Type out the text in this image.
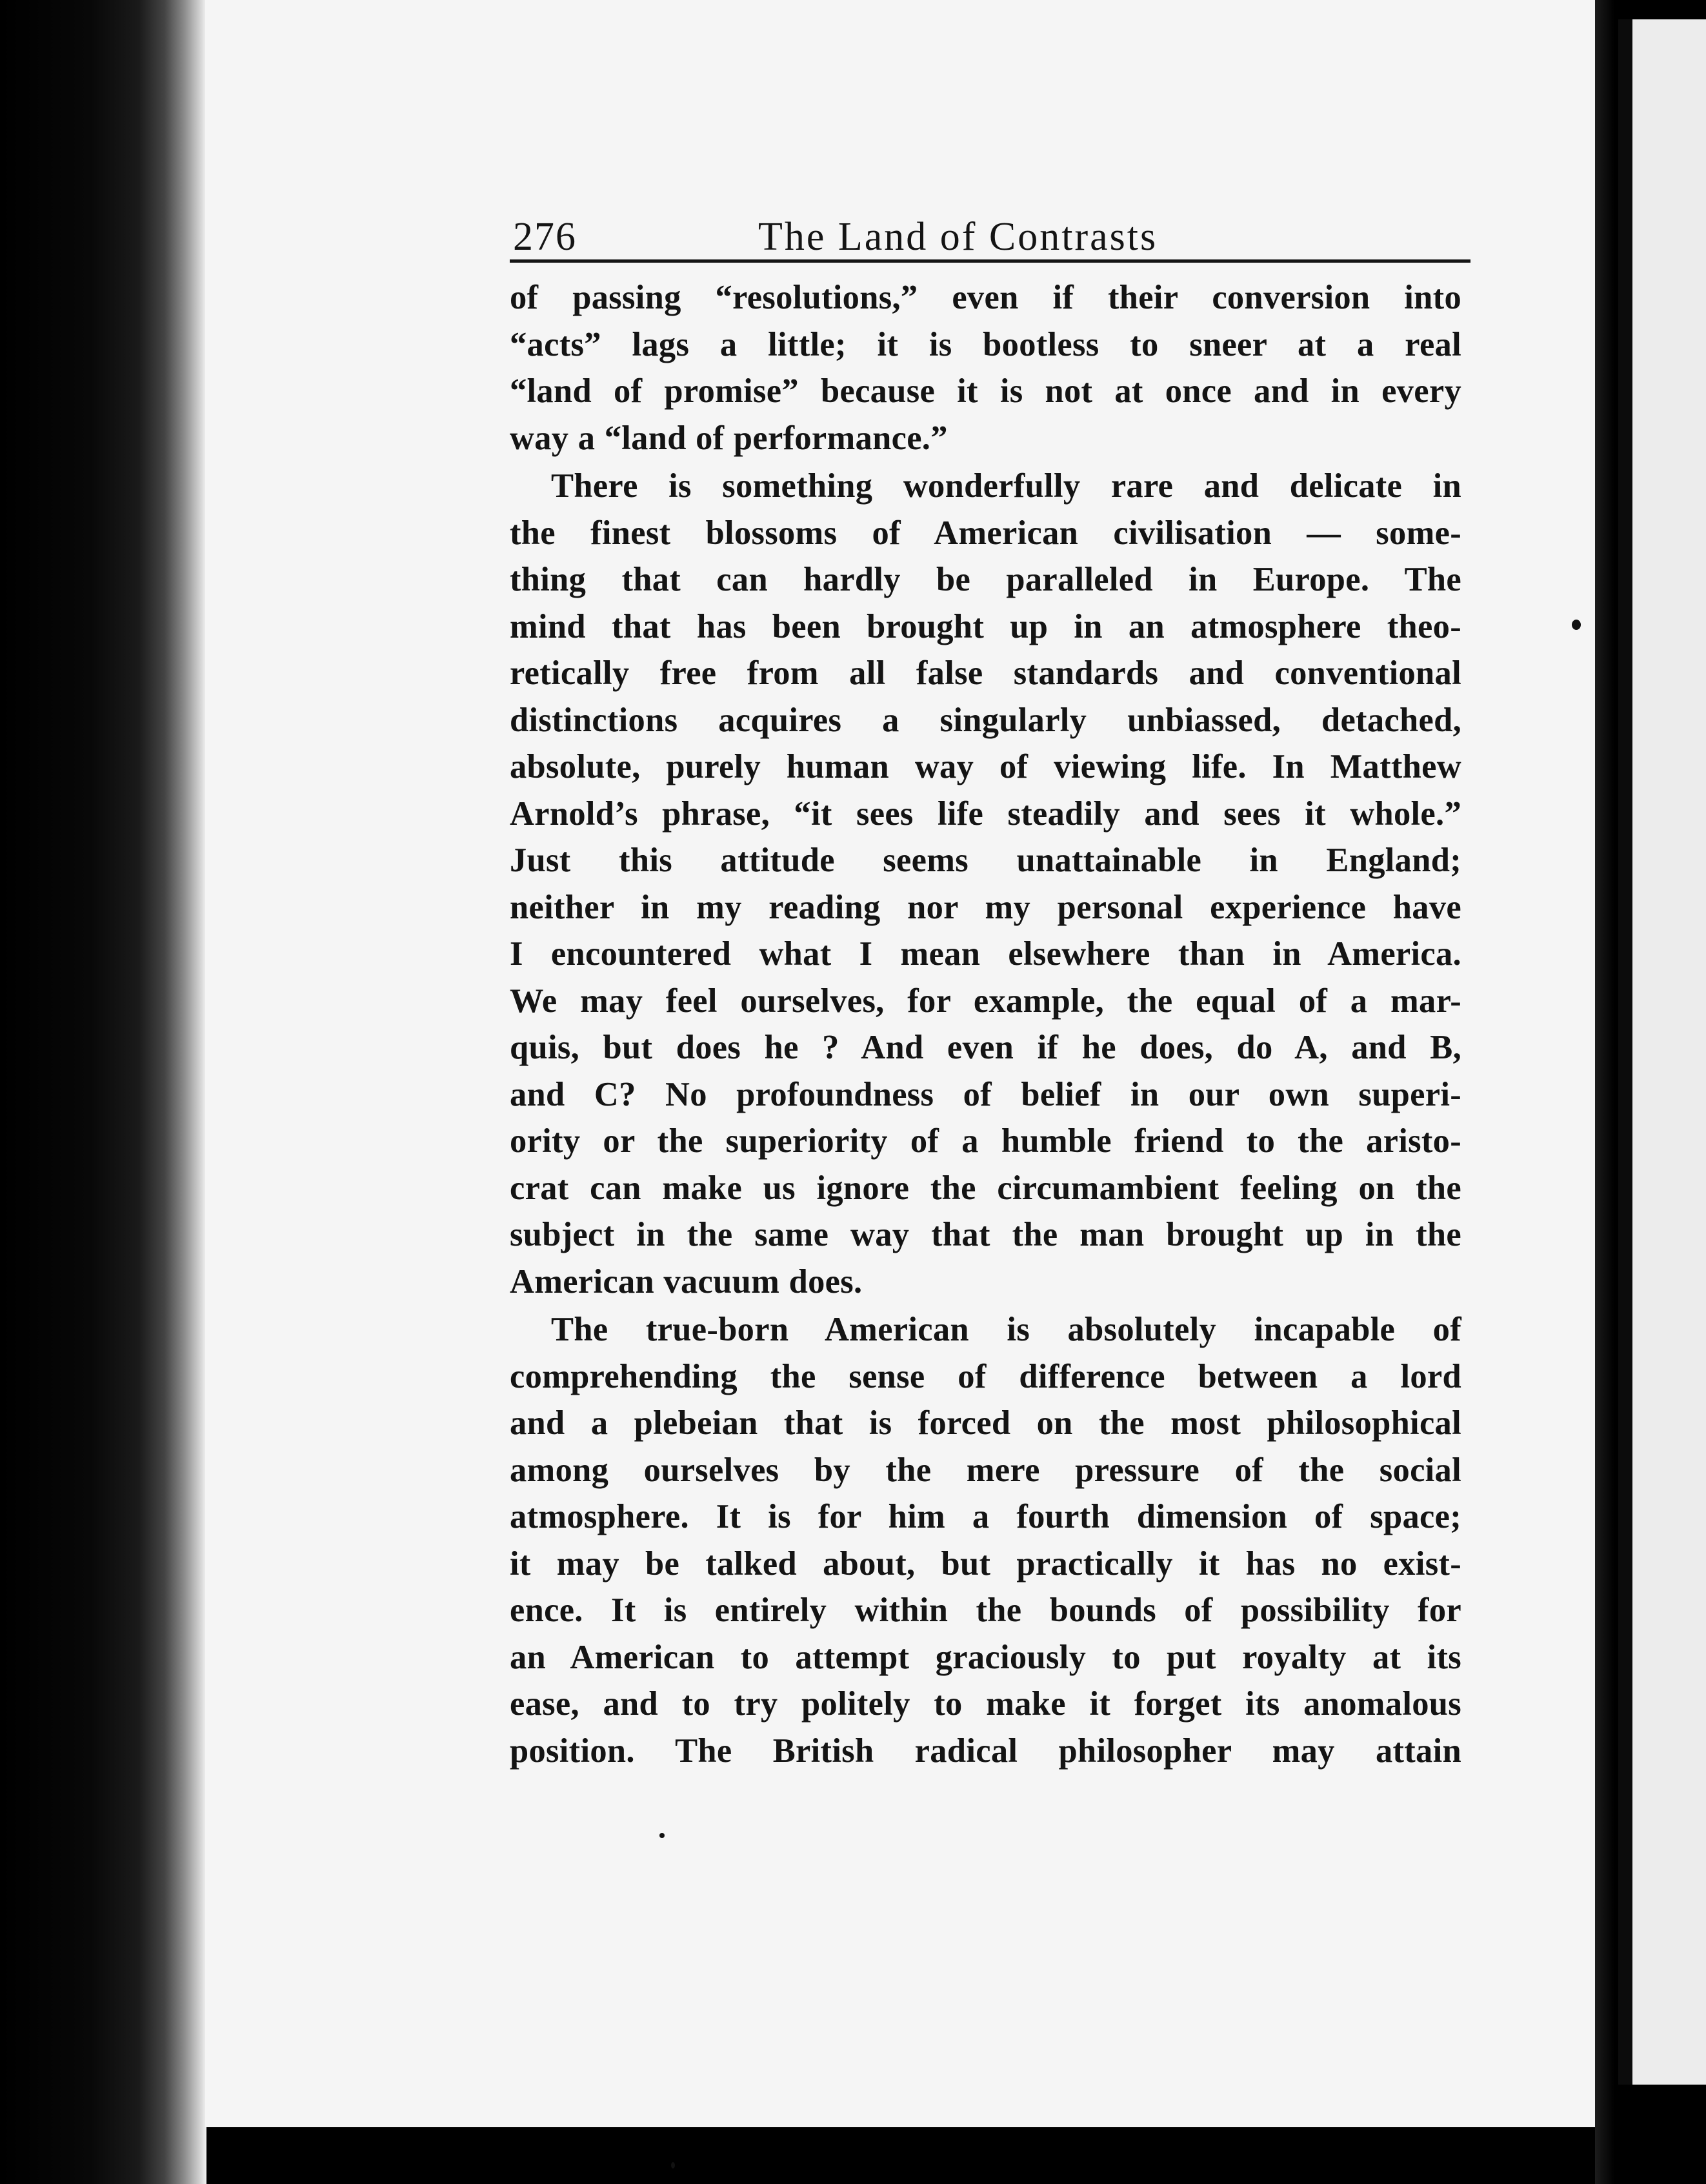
276	The Land of Contrasts
of passing “resolutions,” even if their conversion into
“acts” lags a little; it is bootless to sneer at a real
“land of promise” because it is not at once and in every
way a “land of performance.”
There is something wonderfully rare and delicate in
the finest blossoms of American civilisation — some-
thing that can hardly be paralleled in Europe. The
mind that has been brought up in an atmosphere theo-
retically free from all false standards and conventional
distinctions acquires a singularly unbiassed, detached,
absolute, purely human way of viewing life. In Matthew
Arnold’s phrase, “it sees life steadily and sees it whole.”
Just this attitude seems unattainable in England;
neither in my reading nor my personal experience have
I encountered what I mean elsewhere than in America.
We may feel ourselves, for example, the equal of a mar-
quis, but does he ? And even if he does, do A, and B,
and C? No profoundness of belief in our own superi-
ority or the superiority of a humble friend to the aristo-
crat can make us ignore the circumambient feeling on the
subject in the same way that the man brought up in the
American vacuum does.
The true-born American is absolutely incapable of
comprehending the sense of difference between a lord
and a plebeian that is forced on the most philosophical
among ourselves by the mere pressure of the social
atmosphere. It is for him a fourth dimension of space;
it may be talked about, but practically it has no exist-
ence. It is entirely within the bounds of possibility for
an American to attempt graciously to put royalty at its
ease, and to try politely to make it forget its anomalous
position. The British radical philosopher may attain
